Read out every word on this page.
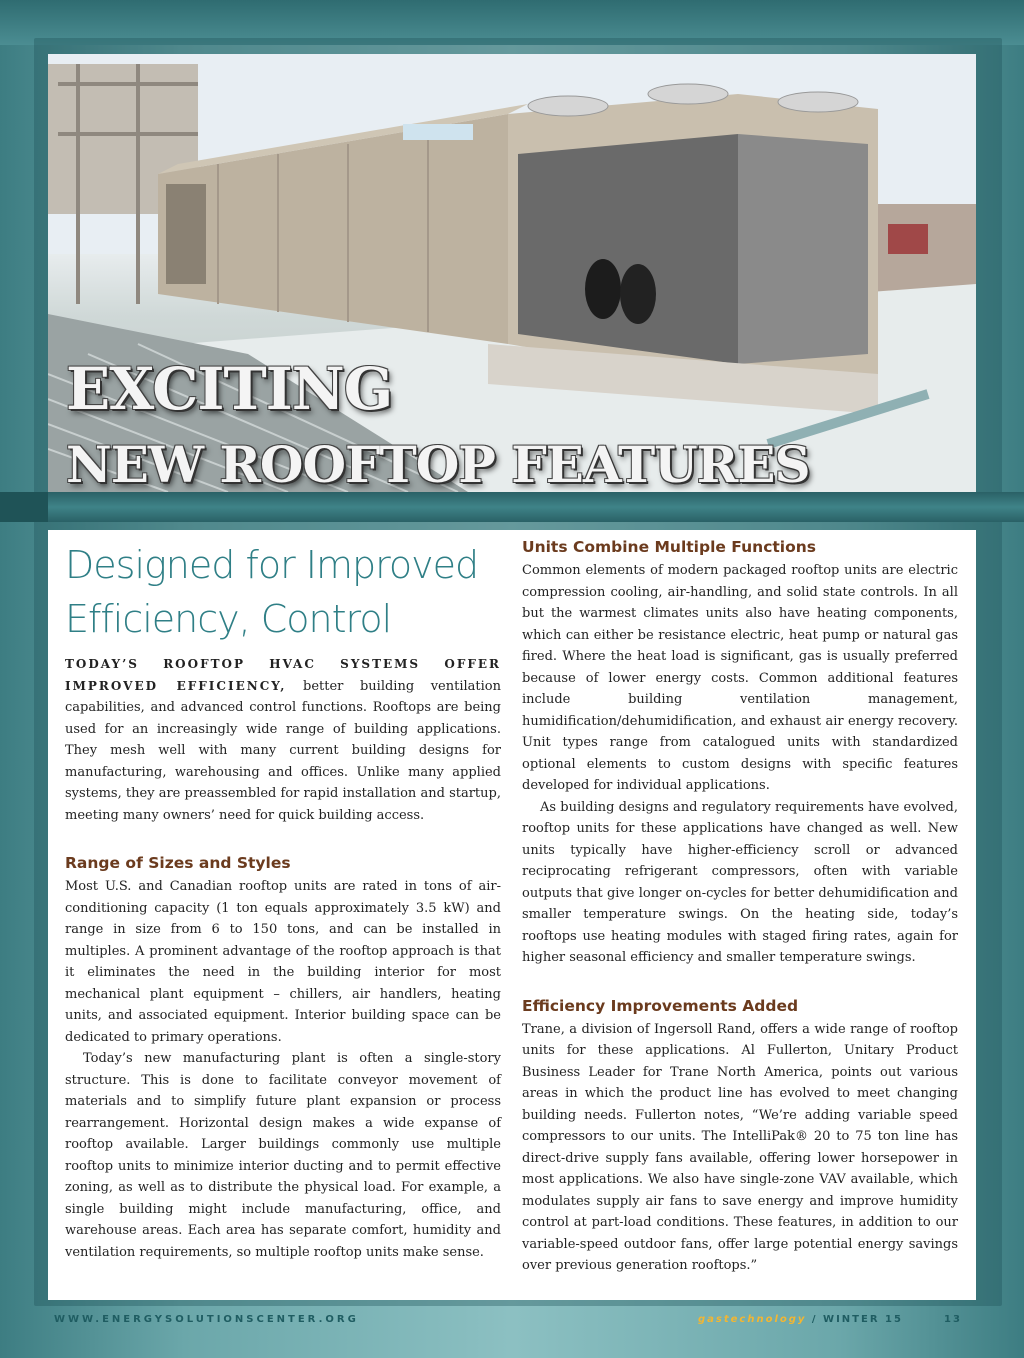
EXCITING
NEW ROOFTOP FEATURES
Designed for Improved
Efficiency, Control

TODAY’S ROOFTOP HVAC SYSTEMS OFFER IMPROVED EFFICIENCY, better building ventilation capabilities, and advanced control functions. Rooftops are being used for an increasingly wide range of building applications. They mesh well with many current building designs for manufacturing, warehousing and offices. Unlike many applied systems, they are preassembled for rapid installation and startup, meeting many owners’ need for quick building access.

Range of Sizes and Styles

Most U.S. and Canadian rooftop units are rated in tons of air-conditioning capacity (1 ton equals approximately 3.5 kW) and range in size from 6 to 150 tons, and can be installed in multiples. A prominent advantage of the rooftop approach is that it eliminates the need in the building interior for most mechanical plant equipment – chillers, air handlers, heating units, and associated equipment. Interior building space can be dedicated to primary operations.

Today’s new manufacturing plant is often a single-story structure. This is done to facilitate conveyor movement of materials and to simplify future plant expansion or process rearrangement. Horizontal design makes a wide expanse of rooftop available. Larger buildings commonly use multiple rooftop units to minimize interior ducting and to permit effective zoning, as well as to distribute the physical load. For example, a single building might include manufacturing, office, and warehouse areas. Each area has separate comfort, humidity and ventilation requirements, so multiple rooftop units make sense.

Units Combine Multiple Functions

Common elements of modern packaged rooftop units are electric compression cooling, air-handling, and solid state controls. In all but the warmest climates units also have heating components, which can either be resistance electric, heat pump or natural gas fired. Where the heat load is significant, gas is usually preferred because of lower energy costs. Common additional features include building ventilation management, humidification/dehumidification, and exhaust air energy recovery. Unit types range from catalogued units with standardized optional elements to custom designs with specific features developed for individual applications.

As building designs and regulatory requirements have evolved, rooftop units for these applications have changed as well. New units typically have higher-efficiency scroll or advanced reciprocating refrigerant compressors, often with variable outputs that give longer on-cycles for better dehumidification and smaller temperature swings. On the heating side, today’s rooftops use heating modules with staged firing rates, again for higher seasonal efficiency and smaller temperature swings.

Efficiency Improvements Added

Trane, a division of Ingersoll Rand, offers a wide range of rooftop units for these applications. Al Fullerton, Unitary Product Business Leader for Trane North America, points out various areas in which the product line has evolved to meet changing building needs. Fullerton notes, “We’re adding variable speed compressors to our units. The IntelliPak® 20 to 75 ton line has direct-drive supply fans available, offering lower horsepower in most applications. We also have single-zone VAV available, which modulates supply air fans to save energy and improve humidity control at part-load conditions. These features, in addition to our variable-speed outdoor fans, offer large potential energy savings over previous generation rooftops.”

WWW.ENERGYSOLUTIONSCENTER.ORG	gastechnology / WINTER 15	13
